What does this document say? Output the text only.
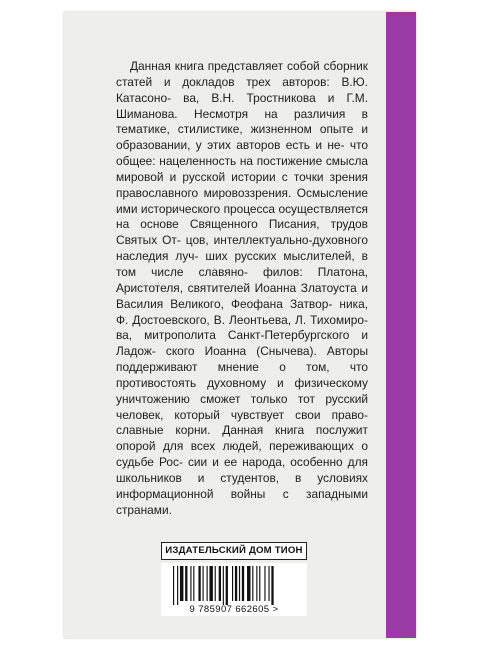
Данная книга представляет собой сборник статей и докладов трех авторов: В.Ю. Катасоно- ва, В.Н. Тростникова и Г.М. Шиманова. Несмотря на различия в тематике, стилистике, жизненном опыте и образовании, у этих авторов есть и не- что общее: нацеленность на постижение смысла мировой и русской истории с точки зрения православного мировоззрения. Осмысление ими исторического процесса осуществляется на основе Священного Писания, трудов Святых От- цов, интеллектуально-духовного наследия луч- ших русских мыслителей, в том числе славяно- филов: Платона, Аристотеля, святителей Иоанна Златоуста и Василия Великого, Феофана Затвор- ника, Ф. Достоевского, В. Леонтьева, Л. Тихомиро- ва, митрополита Санкт-Петербургского и Ладож- ского Иоанна (Снычева). Авторы поддерживают мнение о том, что противостоять духовному и физическому уничтожению сможет только тот русский человек, который чувствует свои право- славные корни. Данная книга послужит опорой для всех людей, переживающих о судьбе Рос- сии и ее народа, особенно для школьников и студентов, в условиях информационной войны с западными странами.

ИЗДАТЕЛЬСКИЙ ДОМ ТИОН
9 785907 662605 >
